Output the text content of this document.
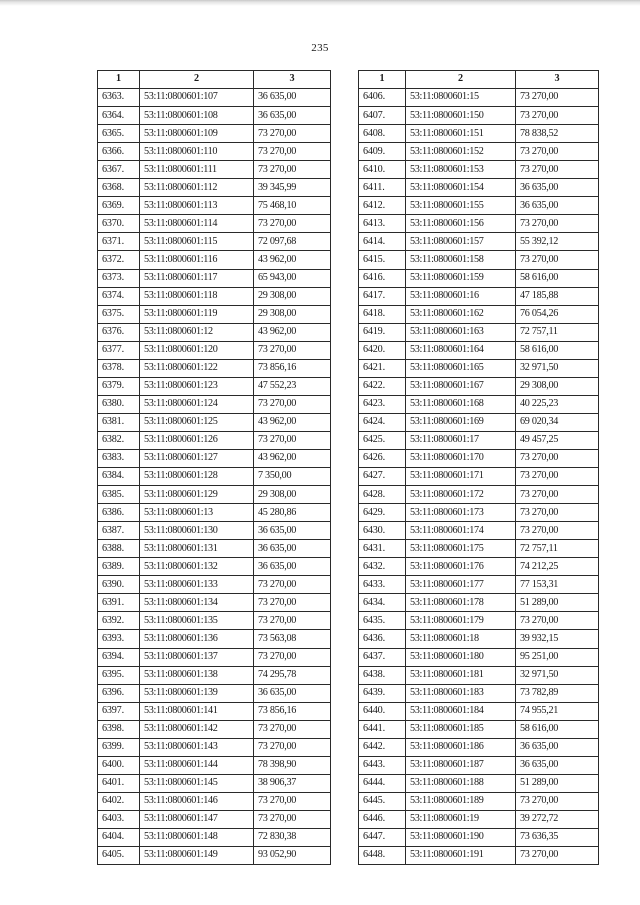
235
1	2	3
6363.	53:11:0800601:107	36 635,00
6364.	53:11:0800601:108	36 635,00
6365.	53:11:0800601:109	73 270,00
6366.	53:11:0800601:110	73 270,00
6367.	53:11:0800601:111	73 270,00
6368.	53:11:0800601:112	39 345,99
6369.	53:11:0800601:113	75 468,10
6370.	53:11:0800601:114	73 270,00
6371.	53:11:0800601:115	72 097,68
6372.	53:11:0800601:116	43 962,00
6373.	53:11:0800601:117	65 943,00
6374.	53:11:0800601:118	29 308,00
6375.	53:11:0800601:119	29 308,00
6376.	53:11:0800601:12	43 962,00
6377.	53:11:0800601:120	73 270,00
6378.	53:11:0800601:122	73 856,16
6379.	53:11:0800601:123	47 552,23
6380.	53:11:0800601:124	73 270,00
6381.	53:11:0800601:125	43 962,00
6382.	53:11:0800601:126	73 270,00
6383.	53:11:0800601:127	43 962,00
6384.	53:11:0800601:128	7 350,00
6385.	53:11:0800601:129	29 308,00
6386.	53:11:0800601:13	45 280,86
6387.	53:11:0800601:130	36 635,00
6388.	53:11:0800601:131	36 635,00
6389.	53:11:0800601:132	36 635,00
6390.	53:11:0800601:133	73 270,00
6391.	53:11:0800601:134	73 270,00
6392.	53:11:0800601:135	73 270,00
6393.	53:11:0800601:136	73 563,08
6394.	53:11:0800601:137	73 270,00
6395.	53:11:0800601:138	74 295,78
6396.	53:11:0800601:139	36 635,00
6397.	53:11:0800601:141	73 856,16
6398.	53:11:0800601:142	73 270,00
6399.	53:11:0800601:143	73 270,00
6400.	53:11:0800601:144	78 398,90
6401.	53:11:0800601:145	38 906,37
6402.	53:11:0800601:146	73 270,00
6403.	53:11:0800601:147	73 270,00
6404.	53:11:0800601:148	72 830,38
6405.	53:11:0800601:149	93 052,90
1	2	3
6406.	53:11:0800601:15	73 270,00
6407.	53:11:0800601:150	73 270,00
6408.	53:11:0800601:151	78 838,52
6409.	53:11:0800601:152	73 270,00
6410.	53:11:0800601:153	73 270,00
6411.	53:11:0800601:154	36 635,00
6412.	53:11:0800601:155	36 635,00
6413.	53:11:0800601:156	73 270,00
6414.	53:11:0800601:157	55 392,12
6415.	53:11:0800601:158	73 270,00
6416.	53:11:0800601:159	58 616,00
6417.	53:11:0800601:16	47 185,88
6418.	53:11:0800601:162	76 054,26
6419.	53:11:0800601:163	72 757,11
6420.	53:11:0800601:164	58 616,00
6421.	53:11:0800601:165	32 971,50
6422.	53:11:0800601:167	29 308,00
6423.	53:11:0800601:168	40 225,23
6424.	53:11:0800601:169	69 020,34
6425.	53:11:0800601:17	49 457,25
6426.	53:11:0800601:170	73 270,00
6427.	53:11:0800601:171	73 270,00
6428.	53:11:0800601:172	73 270,00
6429.	53:11:0800601:173	73 270,00
6430.	53:11:0800601:174	73 270,00
6431.	53:11:0800601:175	72 757,11
6432.	53:11:0800601:176	74 212,25
6433.	53:11:0800601:177	77 153,31
6434.	53:11:0800601:178	51 289,00
6435.	53:11:0800601:179	73 270,00
6436.	53:11:0800601:18	39 932,15
6437.	53:11:0800601:180	95 251,00
6438.	53:11:0800601:181	32 971,50
6439.	53:11:0800601:183	73 782,89
6440.	53:11:0800601:184	74 955,21
6441.	53:11:0800601:185	58 616,00
6442.	53:11:0800601:186	36 635,00
6443.	53:11:0800601:187	36 635,00
6444.	53:11:0800601:188	51 289,00
6445.	53:11:0800601:189	73 270,00
6446.	53:11:0800601:19	39 272,72
6447.	53:11:0800601:190	73 636,35
6448.	53:11:0800601:191	73 270,00
